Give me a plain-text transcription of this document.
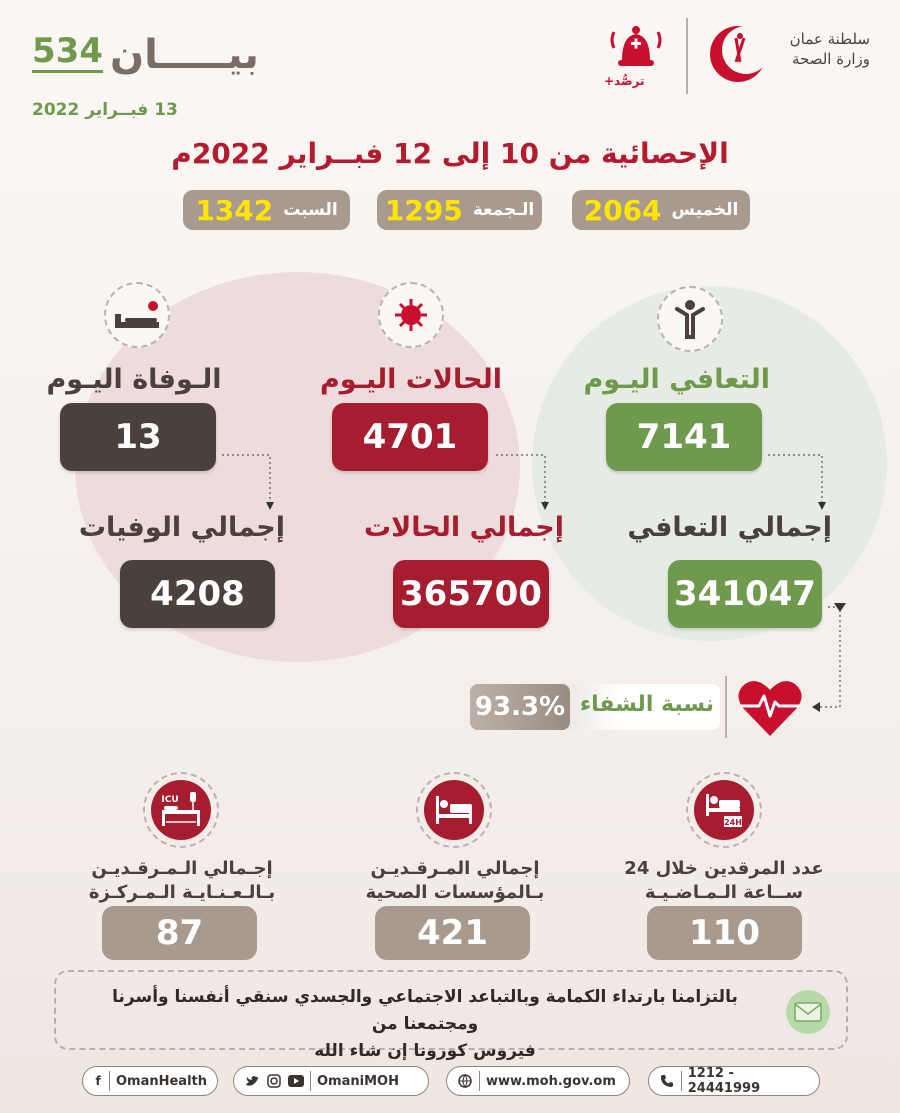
534 بيـــــان
13 فبــراير 2022
ترصُّد+
سلطنة عمان
وزارة الصحة
الإحصائية من 10 إلى 12 فبــراير 2022م
الخميس
2064
الـجمعة
1295
السبت
1342
التعافي اليـوم
الحالات اليـوم
الـوفاة اليـوم
7141
4701
13
إجمالي التعافي
إجمالي الحالات
إجمالي الوفيات
341047
365700
4208
93.3% نسبة الشفاء
24H
ICU
عدد المرقدين خلال 24
ســاعة الـمـاضـيـة
إجمالي المـرقـديـن
بـالمؤسسات الصحية
إجـمالي الـمـرقـديـن
بـالـعـنـايـة الـمـركـزة
110
421
87
بالتزامنا بارتداء الكمامة وبالتباعد الاجتماعي والجسدي سنقي أنفسنا وأسرنا ومجتمعنا من
فيروس كورونا إن شاء الله
f OmanHealth	OmaniMOH	www.moh.gov.om	1212 - 24441999
